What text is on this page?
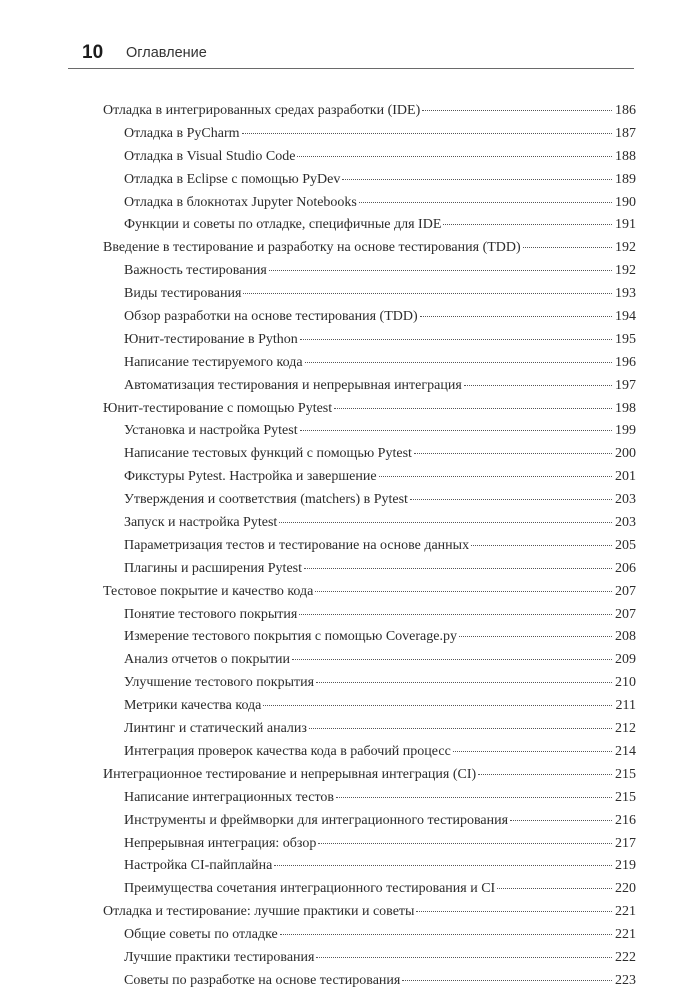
10 Оглавление
Отладка в интегрированных средах разработки (IDE)	186
Отладка в PyCharm	187
Отладка в Visual Studio Code	188
Отладка в Eclipse с помощью PyDev	189
Отладка в блокнотах Jupyter Notebooks	190
Функции и советы по отладке, специфичные для IDE	191
Введение в тестирование и разработку на основе тестирования (TDD)	192
Важность тестирования	192
Виды тестирования	193
Обзор разработки на основе тестирования (TDD)	194
Юнит-тестирование в Python	195
Написание тестируемого кода	196
Автоматизация тестирования и непрерывная интеграция	197
Юнит-тестирование с помощью Pytest	198
Установка и настройка Pytest	199
Написание тестовых функций с помощью Pytest	200
Фикстуры Pytest. Настройка и завершение	201
Утверждения и соответствия (matchers) в Pytest	203
Запуск и настройка Pytest	203
Параметризация тестов и тестирование на основе данных	205
Плагины и расширения Pytest	206
Тестовое покрытие и качество кода	207
Понятие тестового покрытия	207
Измерение тестового покрытия с помощью Coverage.py	208
Анализ отчетов о покрытии	209
Улучшение тестового покрытия	210
Метрики качества кода	211
Линтинг и статический анализ	212
Интеграция проверок качества кода в рабочий процесс	214
Интеграционное тестирование и непрерывная интеграция (CI)	215
Написание интеграционных тестов	215
Инструменты и фреймворки для интеграционного тестирования	216
Непрерывная интеграция: обзор	217
Настройка CI-пайплайна	219
Преимущества сочетания интеграционного тестирования и CI	220
Отладка и тестирование: лучшие практики и советы	221
Общие советы по отладке	221
Лучшие практики тестирования	222
Советы по разработке на основе тестирования	223
